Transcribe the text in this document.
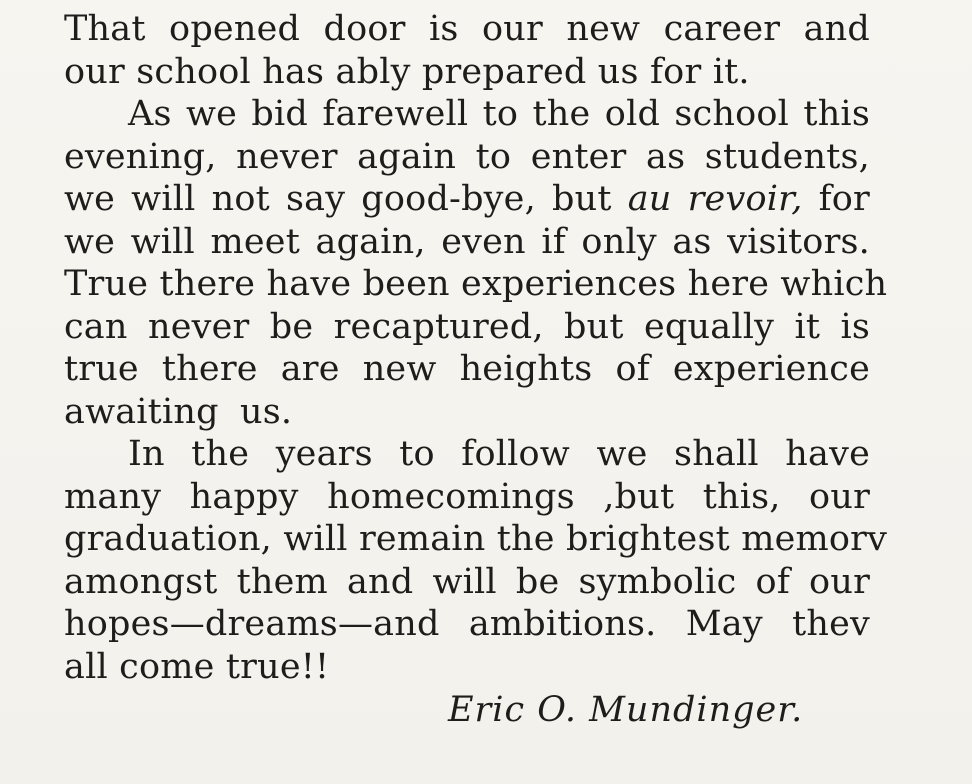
That opened door is our new career and
our school has ably prepared us for it.
As we bid farewell to the old school this
evening, never again to enter as students,
we will not say good-bye, but au revoir, for
we will meet again, even if only as visitors.
True there have been experiences here which
can never be recaptured, but equally it is
true there are new heights of experience
awaiting us.
In the years to follow we shall have
many happy homecomings ,but this, our
graduation, will remain the brightest memorv
amongst them and will be symbolic of our
hopes—dreams—and ambitions. May thev
all come true!!
Eric O. Mundinger.
